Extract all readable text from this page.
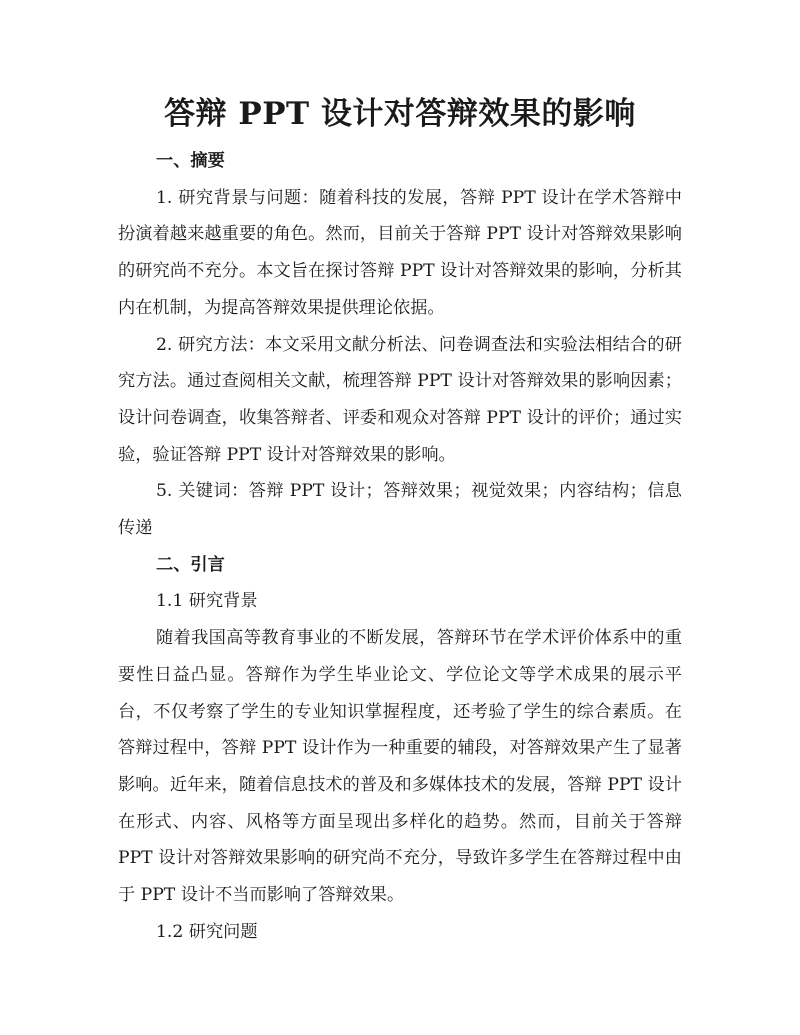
答辩 PPT 设计对答辩效果的影响

一、摘要

1. 研究背景与问题：随着科技的发展，答辩 PPT 设计在学术答辩中扮演着越来越重要的角色。然而，目前关于答辩 PPT 设计对答辩效果影响的研究尚不充分。本文旨在探讨答辩 PPT 设计对答辩效果的影响，分析其内在机制，为提高答辩效果提供理论依据。

2. 研究方法：本文采用文献分析法、问卷调查法和实验法相结合的研究方法。通过查阅相关文献，梳理答辩 PPT 设计对答辩效果的影响因素；设计问卷调查，收集答辩者、评委和观众对答辩 PPT 设计的评价；通过实验，验证答辩 PPT 设计对答辩效果的影响。

5. 关键词：答辩 PPT 设计；答辩效果；视觉效果；内容结构；信息传递

二、引言

1.1 研究背景

随着我国高等教育事业的不断发展，答辩环节在学术评价体系中的重要性日益凸显。答辩作为学生毕业论文、学位论文等学术成果的展示平台，不仅考察了学生的专业知识掌握程度，还考验了学生的综合素质。在答辩过程中，答辩 PPT 设计作为一种重要的辅段，对答辩效果产生了显著影响。近年来，随着信息技术的普及和多媒体技术的发展，答辩 PPT 设计在形式、内容、风格等方面呈现出多样化的趋势。然而，目前关于答辩 PPT 设计对答辩效果影响的研究尚不充分，导致许多学生在答辩过程中由于 PPT 设计不当而影响了答辩效果。

1.2 研究问题
